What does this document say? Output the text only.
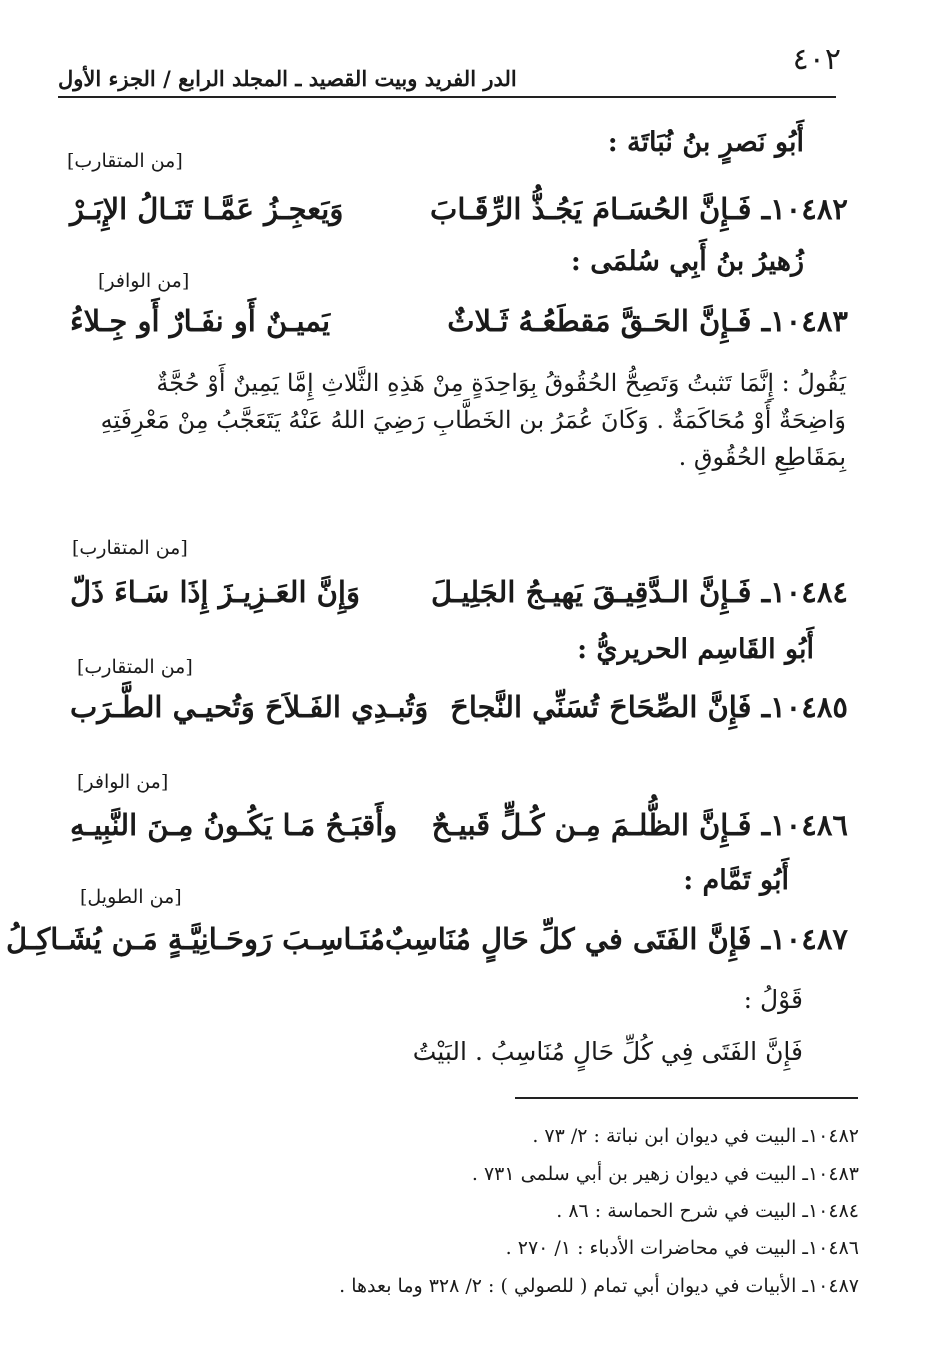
٤٠٢
الدر الفريد وبيت القصيد ـ المجلد الرابع / الجزء الأول
أَبُو نَصرٍ بنُ نُبَاتَة :
[من المتقارب]
١٠٤٨٢ـ فَـإِنَّ الحُسَـامَ يَجُـذُّ الرِّقَـابَ
وَيَعجِـزُ عَمَّـا تَنَـالُ الإِبَـرْ
زُهيرُ بنُ أَبِي سُلمَى :
[من الوافر]
١٠٤٨٣ـ فَـإِنَّ الحَـقَّ مَقطَعُـهُ ثَـلاثٌ
يَميـنٌ أَو نفَـارٌ أَو جِـلاءُ

يَقُولُ : إِنَّمَا تَثبتُ وَتَصِحُّ الحُقُوقُ بِوَاحِدَةٍ مِنْ هَذِهِ الثَّلاثِ إِمَّا يَمِينٌ أَوْ حُجَّةٌ

وَاضِحَةٌ أَوْ مُحَاكَمَةٌ . وَكَانَ عُمَرُ بن الخَطَّابِ رَضِيَ اللهُ عَنْهُ يَتَعَجَّبُ مِنْ مَعْرِفَتِهِ

بِمَقَاطِعِ الحُقُوقِ .

[من المتقارب]
١٠٤٨٤ـ فَـإِنَّ الـدَّقِيـقَ يَهيـجُ الجَلِيـلَ
وَإِنَّ العَـزِيـزَ إِذَا سَـاءَ ذَلّ
أَبُو القَاسِم الحريريُّ :
[من المتقارب]
١٠٤٨٥ـ فَإِنَّ الصِّحَاحَ تُسَنِّي النَّجاحَ
وَتُبـدِي الفَـلاَحَ وَتُحيـي الطَّـرَب
[من الوافر]
١٠٤٨٦ـ فَـإِنَّ الظُّلـمَ مِـن كُـلٍّ قَبيـحٌ
وأَقبَـحُ مَـا يَكُـونُ مِـنَ النَّبِيـهِ
أَبُو تَمَّام :
[من الطويل]
١٠٤٨٧ـ فَإِنَّ الفَتَى في كلِّ حَالٍ مُنَاسِبٌ
مُنَـاسِـبَ رَوحَـانِيَّـةٍ مَـن يُشَـاكِـلُ
قَوْلُ :
فَإِنَّ الفَتَى فِي كُلِّ حَالٍ مُنَاسِبُ . البَيْتُ
١٠٤٨٢ـ البيت في ديوان ابن نباتة : ٢/ ٧٣ .
١٠٤٨٣ـ البيت في ديوان زهير بن أبي سلمى ٧٣١ .
١٠٤٨٤ـ البيت في شرح الحماسة : ٨٦ .
١٠٤٨٦ـ البيت في محاضرات الأدباء : ١/ ٢٧٠ .
١٠٤٨٧ـ الأبيات في ديوان أبي تمام ( للصولي ) : ٢/ ٣٢٨ وما بعدها .
